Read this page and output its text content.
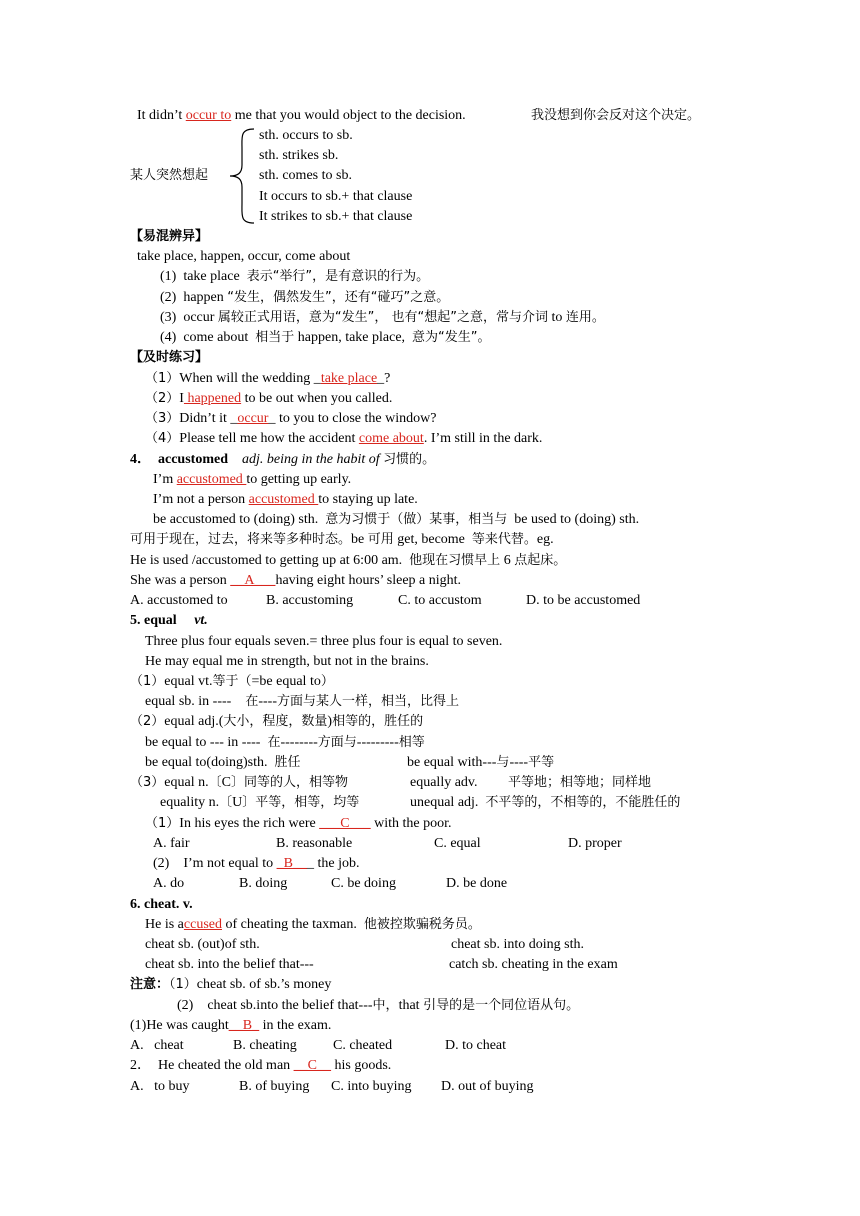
It didn’t occur to me that you would object to the decision.	我没想到你会反对这个决定。
sth. occurs to sb.
sth. strikes sb.
某人突然想起	sth. comes to sb.
It occurs to sb.+ that clause
It strikes to sb.+ that clause
【易混辨异】
take place, happen, occur, come about
(1)  take place  表示“举行”，是有意识的行为。
(2)  happen “发生，偶然发生”，还有“碰巧”之意。
(3)  occur 属较正式用语，意为“发生”， 也有“想起”之意，常与介词 to 连用。
(4)  come about  相当于 happen, take place,  意为“发生”。
【及时练习】
（1）When will the wedding _take place_?
（2）I happened to be out when you called.
（3）Didn’t it _occur_ to you to close the window?
（4）Please tell me how the accident come about. I’m still in the dark.
4．  accustomed adj. being in the habit of 习惯的。
I’m accustomed to getting up early.
I’m not a person accustomed to staying up late.
be accustomed to (doing) sth.  意为习惯于（做）某事，相当与  be used to (doing) sth.
可用于现在，过去，将来等多种时态。be 可用 get, become  等来代替。eg.
He is used /accustomed to getting up at 6:00 am.  他现在习惯早上 6 点起床。
She was a person __A___having eight hours’ sleep a night.
A. accustomed to	B. accustoming	C. to accustom	D. to be accustomed
5. equal vt.
Three plus four equals seven.= three plus four is equal to seven.
He may equal me in strength, but not in the brains.
（1）equal vt.等于（=be equal to）
equal sb. in ----    在----方面与某人一样，相当，比得上
（2）equal adj.(大小，程度，数量)相等的，胜任的
be equal to --- in ----  在--------方面与---------相等
be equal to(doing)sth.  胜任	be equal with---与----平等
（3）equal n.〔C〕同等的人，相等物	equally adv. 平等地；相等地；同样地
equality n.〔U〕平等，相等，均等	unequal adj.  不平等的，不相等的，不能胜任的
（1）In his eyes the rich were ___C___ with the poor.
A. fair	B. reasonable	C. equal	D. proper
(2)    I’m not equal to _B___ the job.
A. do	B. doing	C. be doing	D. be done
6. cheat. v.
He is accused of cheating the taxman.  他被控欺骗税务员。
cheat sb. (out)of sth.	cheat sb. into doing sth.
cheat sb. into the belief that---	catch sb. cheating in the exam
注意：（1）cheat sb. of sb.’s money
(2)    cheat sb.into the belief that---中，that 引导的是一个同位语从句。
(1)He was caught__B_ in the exam.
A.   cheat	B. cheating	C. cheated	D. to cheat
2．  He cheated the old man __C__ his goods.
A.   to buy	B. of buying C. into buying D. out of buying
